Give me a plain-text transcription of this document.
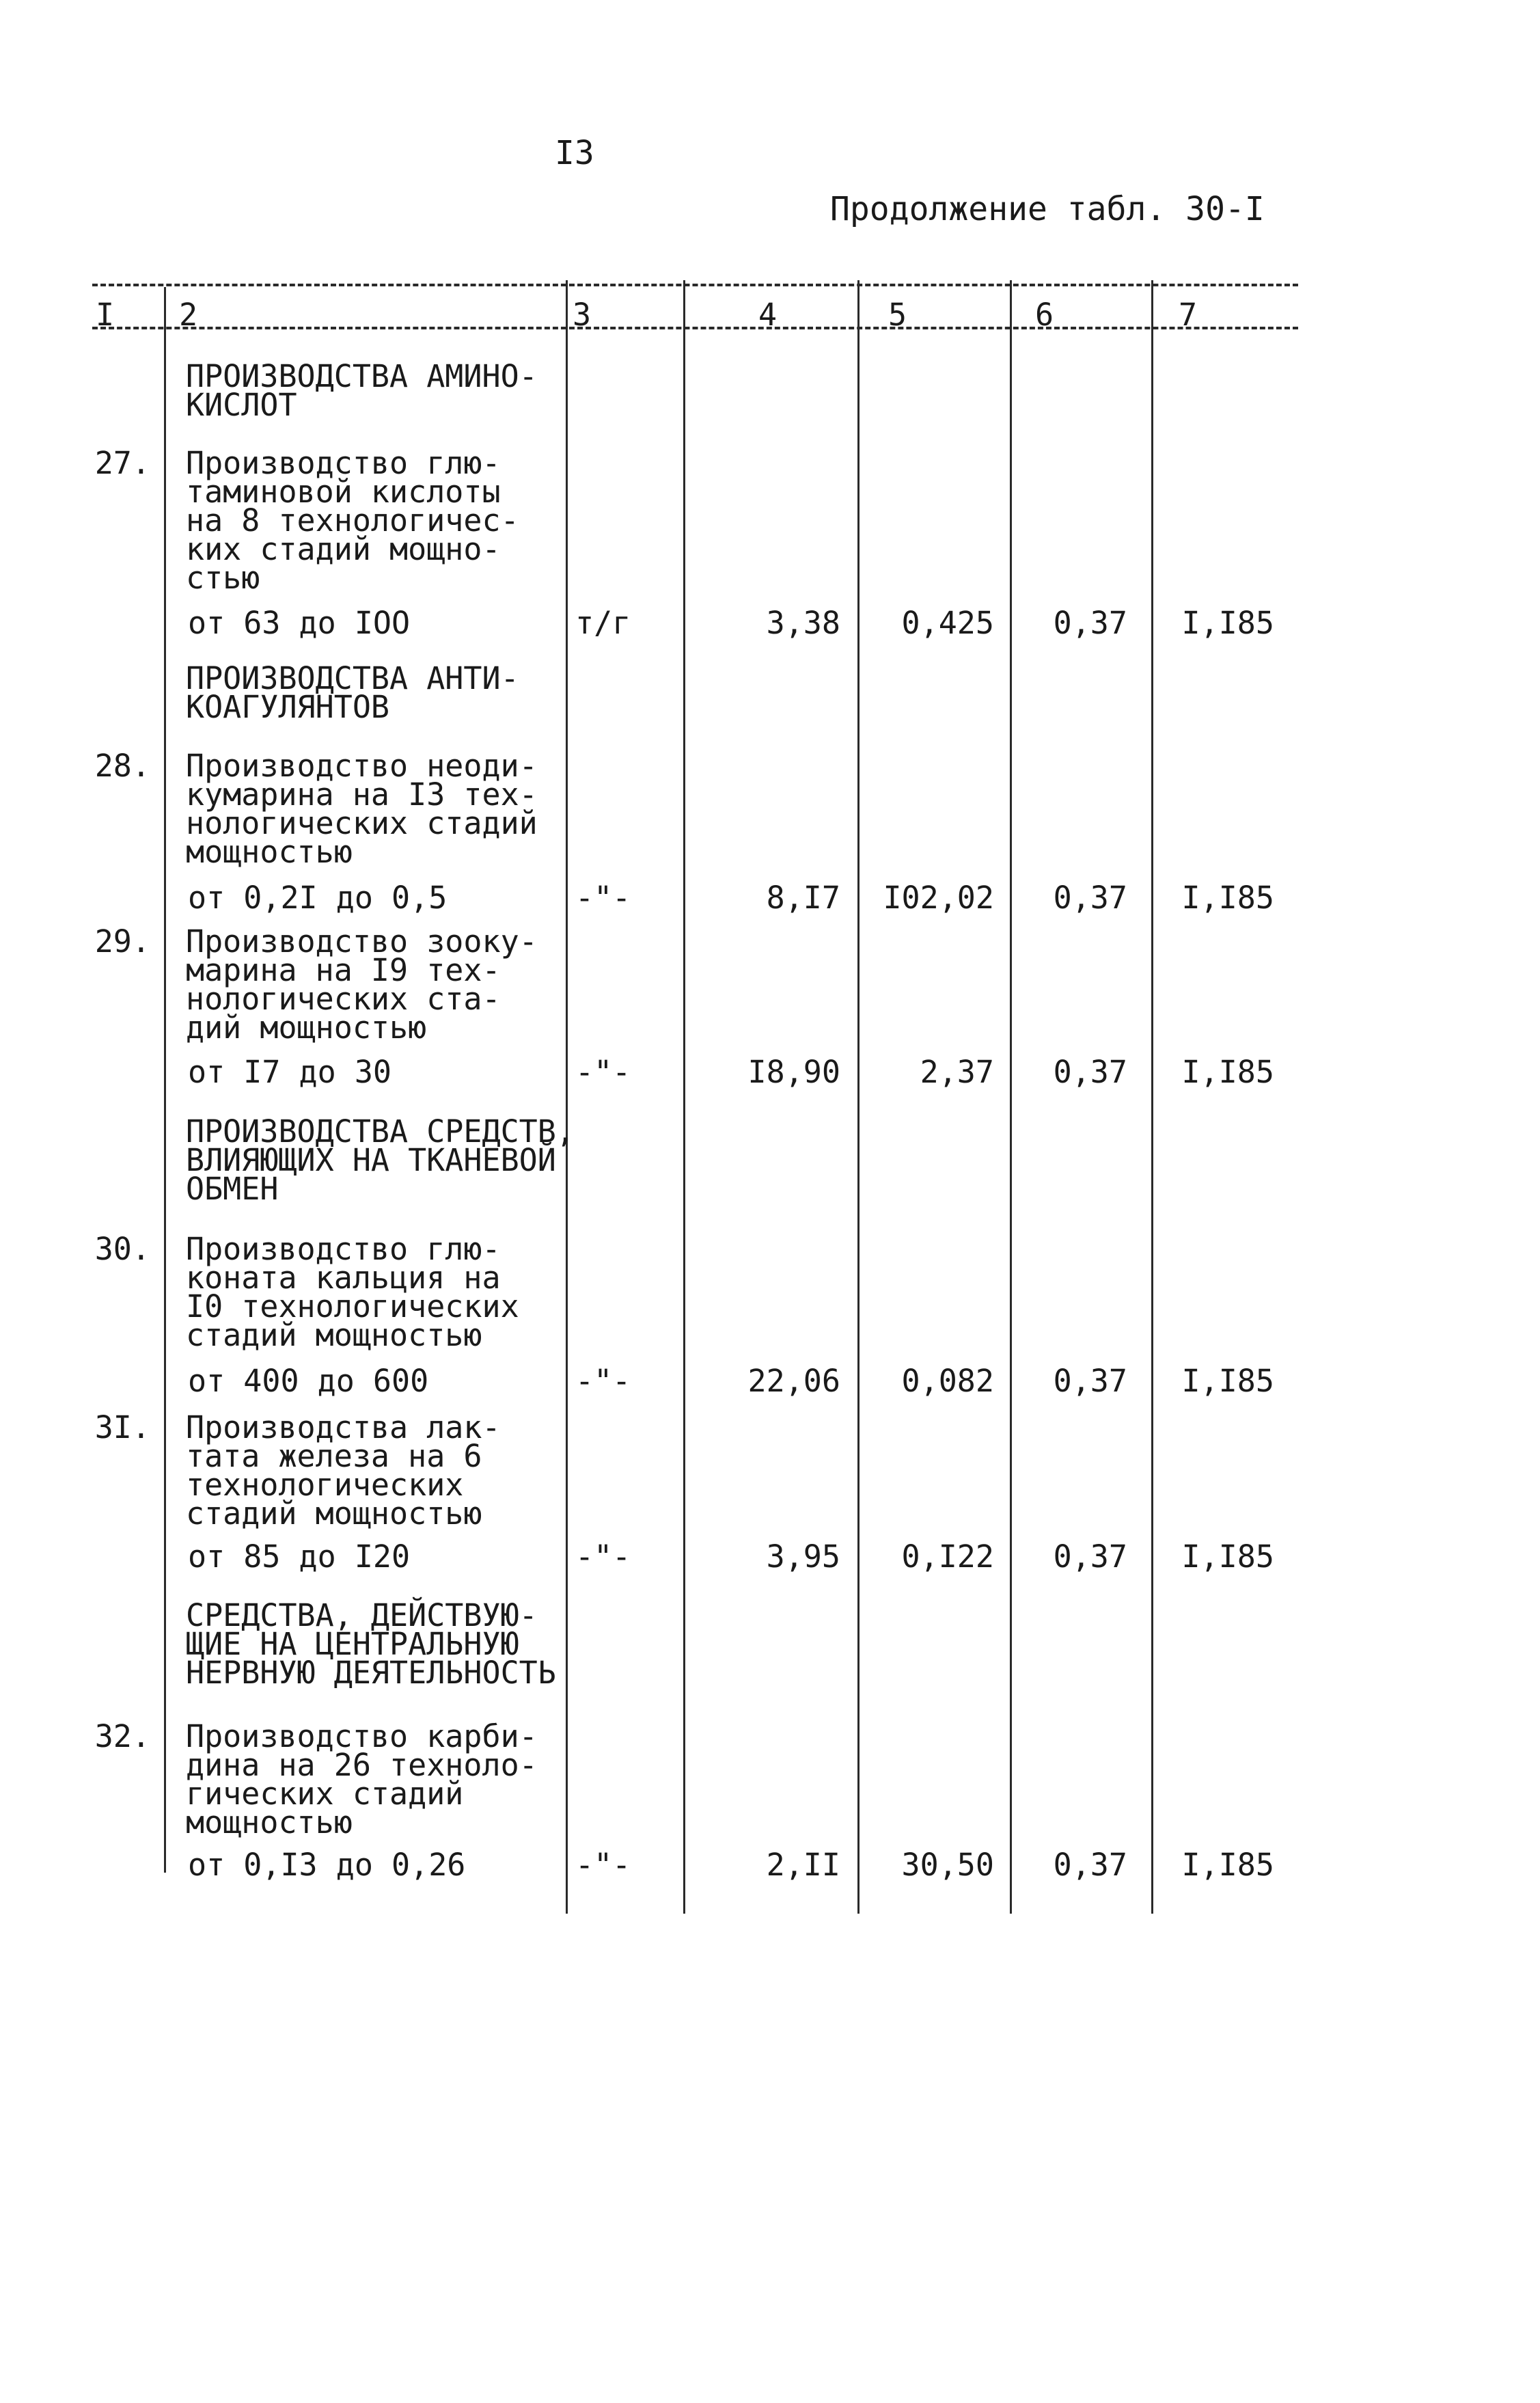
I3
Продолжение табл. 30-I
I 2	3	4	5	6	7
ПРОИЗВОДСТВА АМИНО-
КИСЛОТ
27. Производство глю-
таминовой кислоты
на 8 технологичес-
ких стадий мощно-
стью
от 63 до IОО	т/г	3,38	0,425	0,37	I,I85
ПРОИЗВОДСТВА АНТИ-
КОАГУЛЯНТОВ
28. Производство неоди-
кумарина на I3 тех-
нологических стадий
мощностью
от 0,2I до 0,5	-"-	8,I7	I02,02	0,37	I,I85
29. Производство зооку-
марина на I9 тех-
нологических ста-
дий мощностью
от I7 до 30	-"-	I8,90	2,37	0,37	I,I85
ПРОИЗВОДСТВА СРЕДСТВ,
ВЛИЯЮЩИХ НА ТКАНЕВОЙ
ОБМЕН
30. Производство глю-
коната кальция на
I0 технологических
стадий мощностью
от 400 до 600	-"-	22,06	0,082	0,37	I,I85
3I. Производства лак-
тата железа на 6
технологических
стадий мощностью
от 85 до I20	-"-	3,95	0,I22	0,37	I,I85
СРЕДСТВА, ДЕЙСТВУЮ-
ЩИЕ НА ЦЕНТРАЛЬНУЮ
НЕРВНУЮ ДЕЯТЕЛЬНОСТЬ
32. Производство карби-
дина на 26 техноло-
гических стадий
мощностью
от 0,I3 до 0,26	-"-	2,II	30,50	0,37	I,I85
